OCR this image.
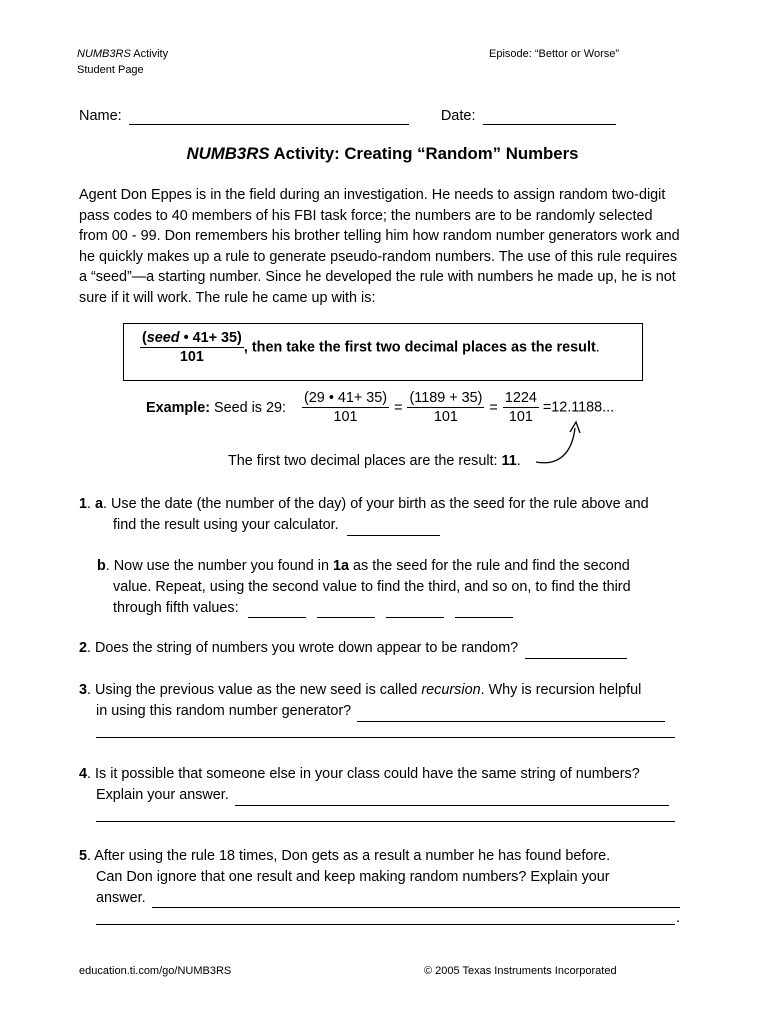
NUMB3RS Activity
Student Page
Episode: “Bettor or Worse”
Name:	Date:
NUMB3RS Activity: Creating “Random” Numbers
Agent Don Eppes is in the field during an investigation. He needs to assign random two-digit pass codes to 40 members of his FBI task force; the numbers are to be randomly selected from 00 - 99. Don remembers his brother telling him how random number generators work and he quickly makes up a rule to generate pseudo-random numbers. The use of this rule requires a “seed”—a starting number. Since he developed the rule with numbers he made up, he is not sure if it will work. The rule he came up with is:
$\frac{\text{(seed • 41+ 35)}}{101}$ , then take the first two decimal places as the result.
Example: Seed is 29: $\frac{(29 • 41+ 35)}{101} = \frac{(1189 + 35)}{101} = \frac{1224}{101} =12.1188$...
The first two decimal places are the result: 11.
1. a. Use the date (the number of the day) of your birth as the seed for the rule above and
find the result using your calculator.
b. Now use the number you found in 1a as the seed for the rule and find the second
value. Repeat, using the second value to find the third, and so on, to find the third
through fifth values:
2. Does the string of numbers you wrote down appear to be random?
3. Using the previous value as the new seed is called recursion. Why is recursion helpful
in using this random number generator?
4. Is it possible that someone else in your class could have the same string of numbers?
Explain your answer.
5. After using the rule 18 times, Don gets as a result a number he has found before.
Can Don ignore that one result and keep making random numbers? Explain your
answer.
.
education.ti.com/go/NUMB3RS	© 2005 Texas Instruments Incorporated
